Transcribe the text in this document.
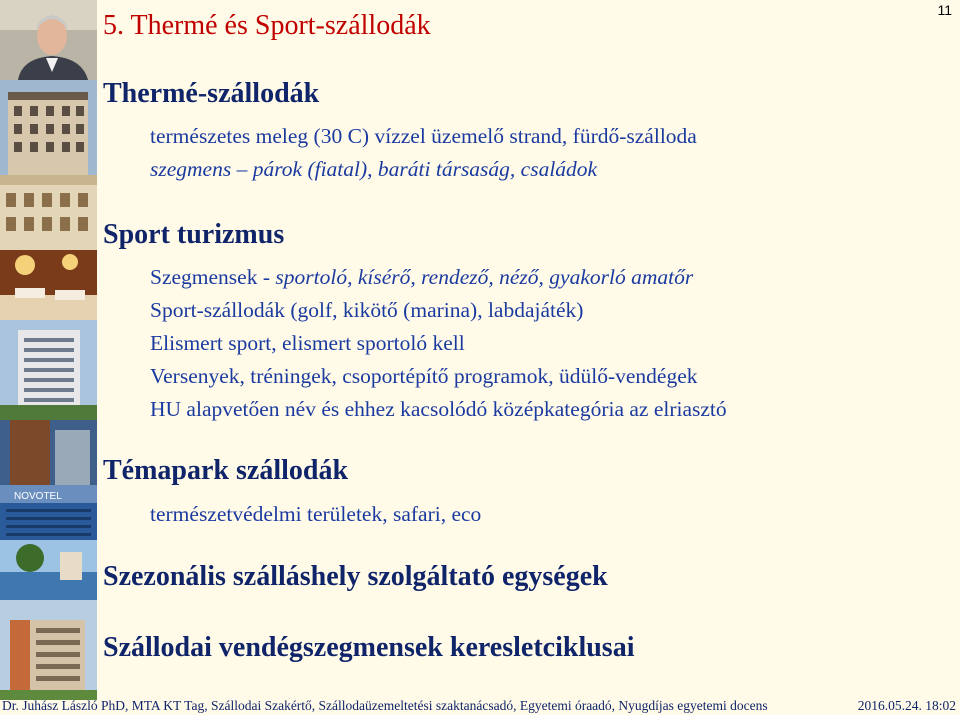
NOVOTEL
11
5. Thermé és Sport-szállodák
Thermé-szállodák
természetes meleg (30 C) vízzel üzemelő strand, fürdő-szálloda
szegmens – párok (fiatal), baráti társaság, családok
Sport turizmus
Szegmensek - sportoló, kísérő, rendező, néző, gyakorló amatőr
Sport-szállodák (golf, kikötő (marina), labdajáték)
Elismert sport, elismert sportoló kell
Versenyek, tréningek, csoportépítő programok, üdülő-vendégek
HU alapvetően név és ehhez kacsolódó középkategória az elriasztó
Témapark szállodák
természetvédelmi területek, safari, eco
Szezonális szálláshely szolgáltató egységek
Szállodai vendégszegmensek keresletciklusai
Dr. Juhász László PhD, MTA KT Tag, Szállodai Szakértő, Szállodaüzemeltetési szaktanácsadó, Egyetemi óraadó, Nyugdíjas egyetemi docens	2016.05.24. 18:02
